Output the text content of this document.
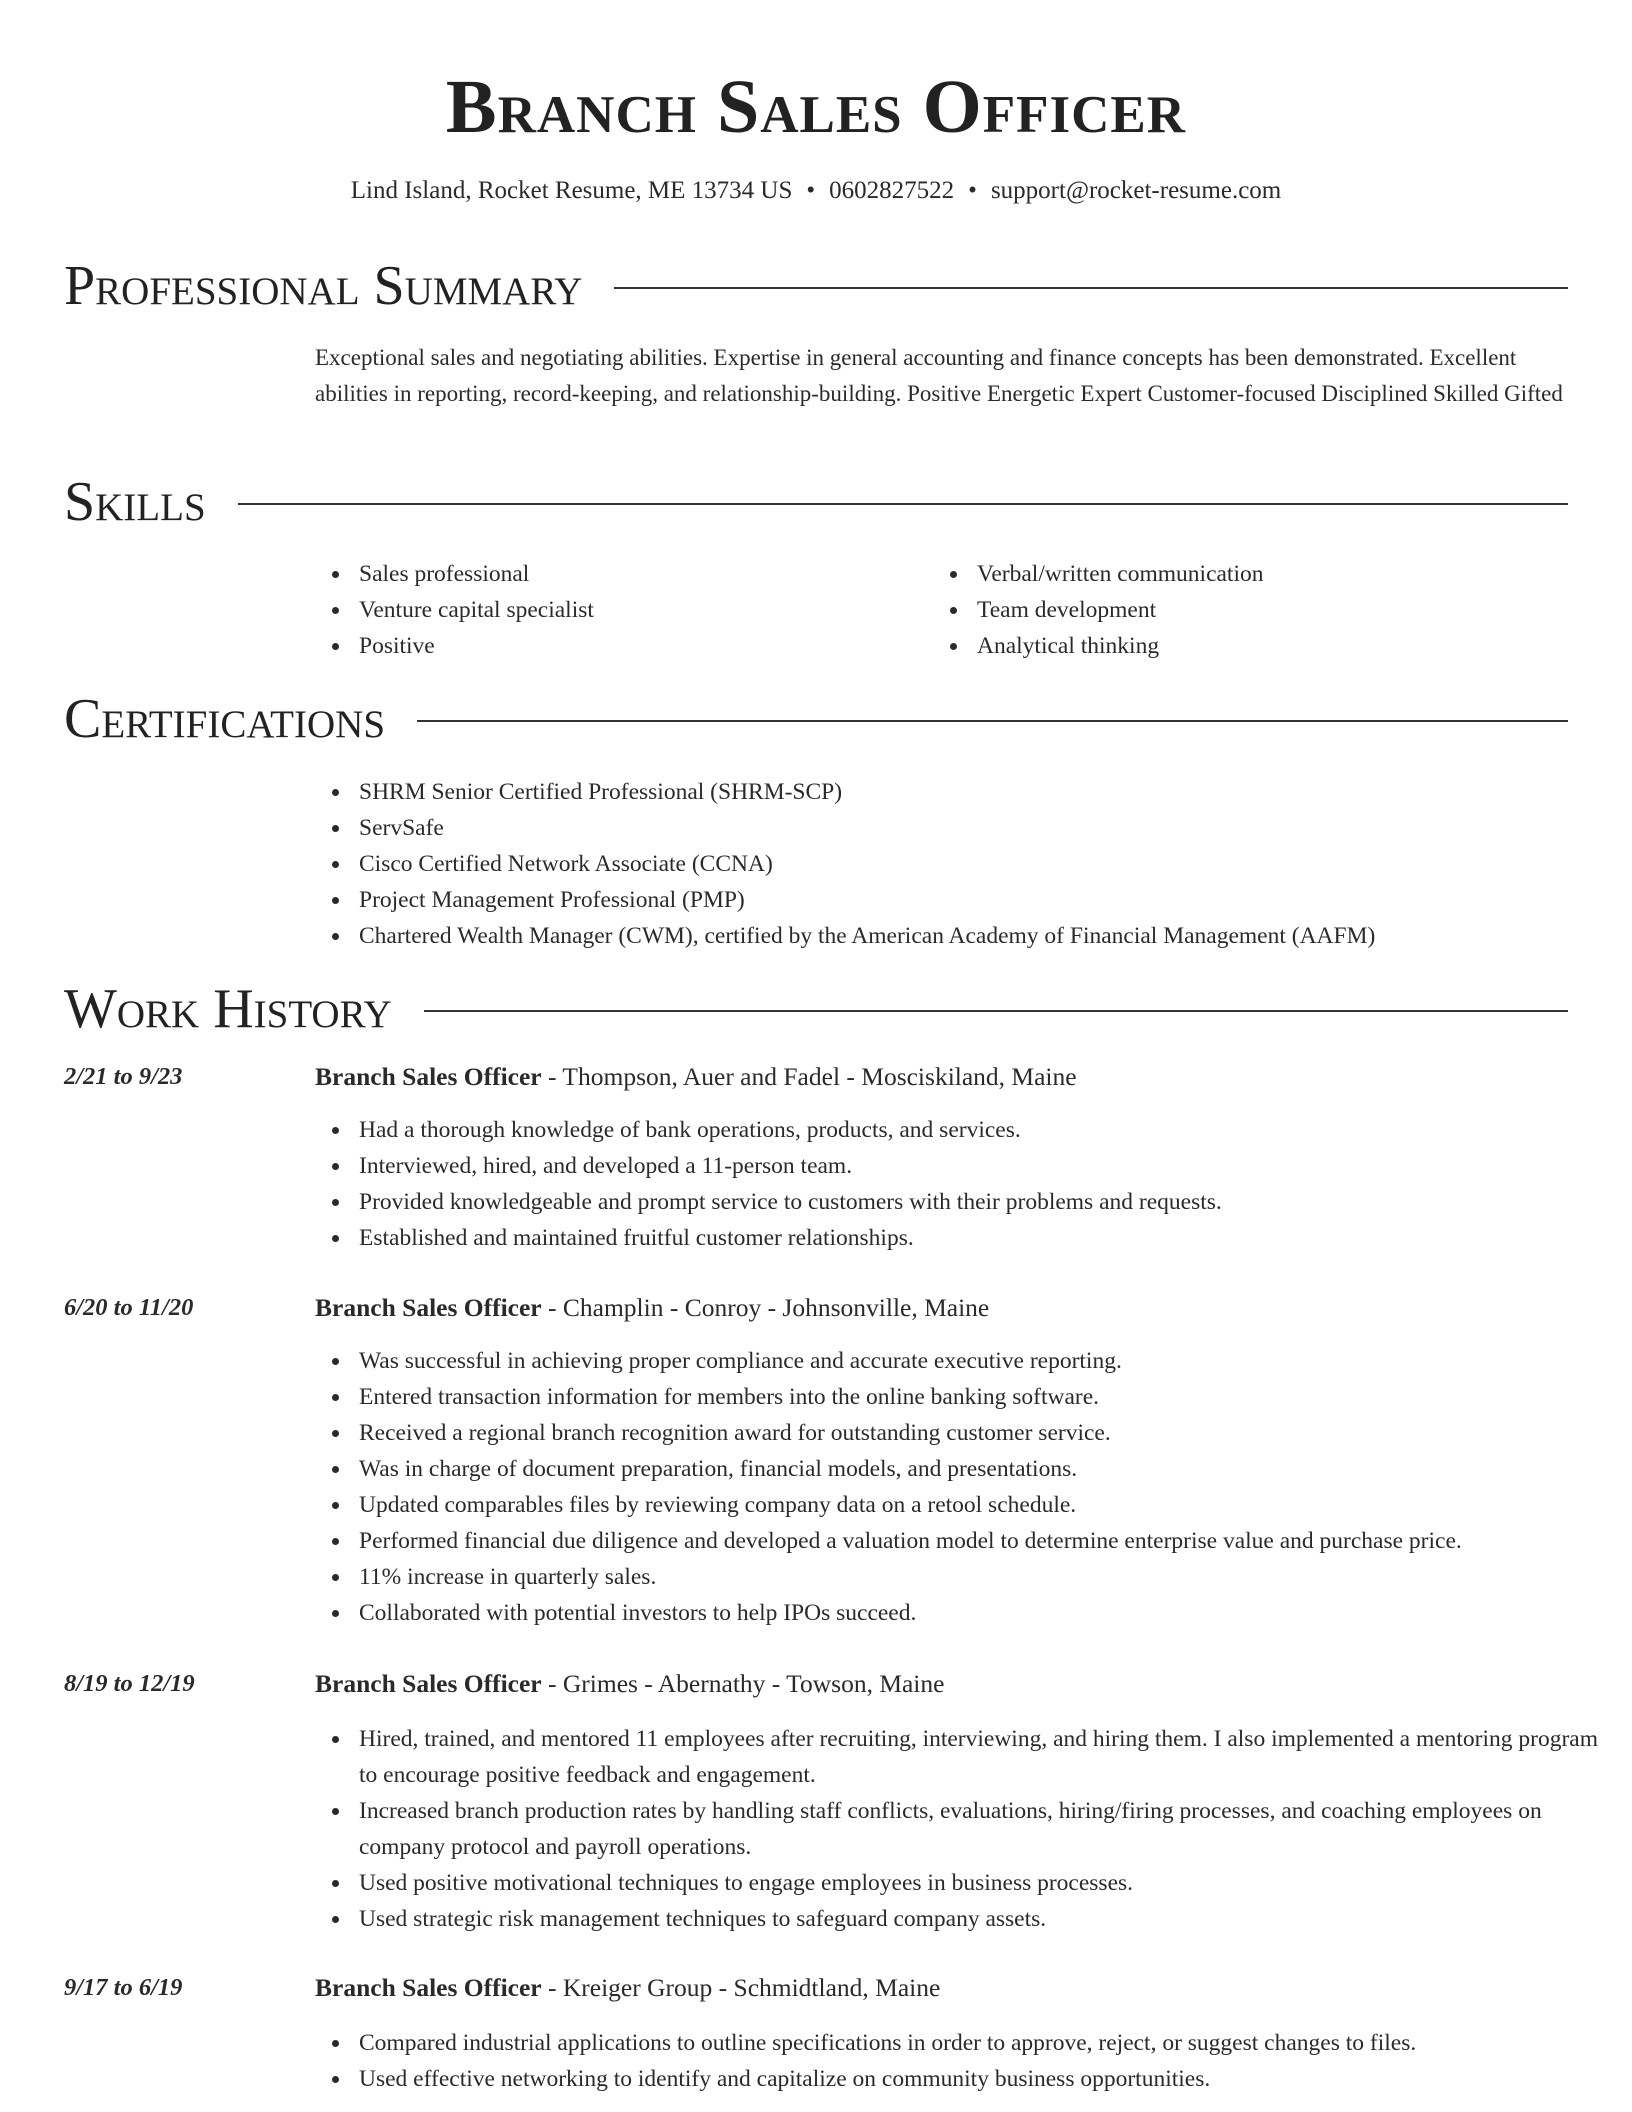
Branch Sales Officer
Lind Island, Rocket Resume, ME 13734 US • 0602827522 • support@rocket-resume.com
Professional Summary

Exceptional sales and negotiating abilities. Expertise in general accounting and finance concepts has been demonstrated. Excellent abilities in reporting, record-keeping, and relationship-building. Positive Energetic Expert Customer-focused Disciplined Skilled Gifted

Skills
Sales professional
Venture capital specialist
Positive
Verbal/written communication
Team development
Analytical thinking
Certifications
SHRM Senior Certified Professional (SHRM-SCP)
ServSafe
Cisco Certified Network Associate (CCNA)
Project Management Professional (PMP)
Chartered Wealth Manager (CWM), certified by the American Academy of Financial Management (AAFM)
Work History
2/21 to 9/23	Branch Sales Officer - Thompson, Auer and Fadel - Mosciskiland, Maine
Had a thorough knowledge of bank operations, products, and services.
Interviewed, hired, and developed a 11-person team.
Provided knowledgeable and prompt service to customers with their problems and requests.
Established and maintained fruitful customer relationships.
6/20 to 11/20	Branch Sales Officer - Champlin - Conroy - Johnsonville, Maine
Was successful in achieving proper compliance and accurate executive reporting.
Entered transaction information for members into the online banking software.
Received a regional branch recognition award for outstanding customer service.
Was in charge of document preparation, financial models, and presentations.
Updated comparables files by reviewing company data on a retool schedule.
Performed financial due diligence and developed a valuation model to determine enterprise value and purchase price.
11% increase in quarterly sales.
Collaborated with potential investors to help IPOs succeed.
8/19 to 12/19	Branch Sales Officer - Grimes - Abernathy - Towson, Maine
Hired, trained, and mentored 11 employees after recruiting, interviewing, and hiring them. I also implemented a mentoring program to encourage positive feedback and engagement.
Increased branch production rates by handling staff conflicts, evaluations, hiring/firing processes, and coaching employees on company protocol and payroll operations.
Used positive motivational techniques to engage employees in business processes.
Used strategic risk management techniques to safeguard company assets.
9/17 to 6/19	Branch Sales Officer - Kreiger Group - Schmidtland, Maine
Compared industrial applications to outline specifications in order to approve, reject, or suggest changes to files.
Used effective networking to identify and capitalize on community business opportunities.
